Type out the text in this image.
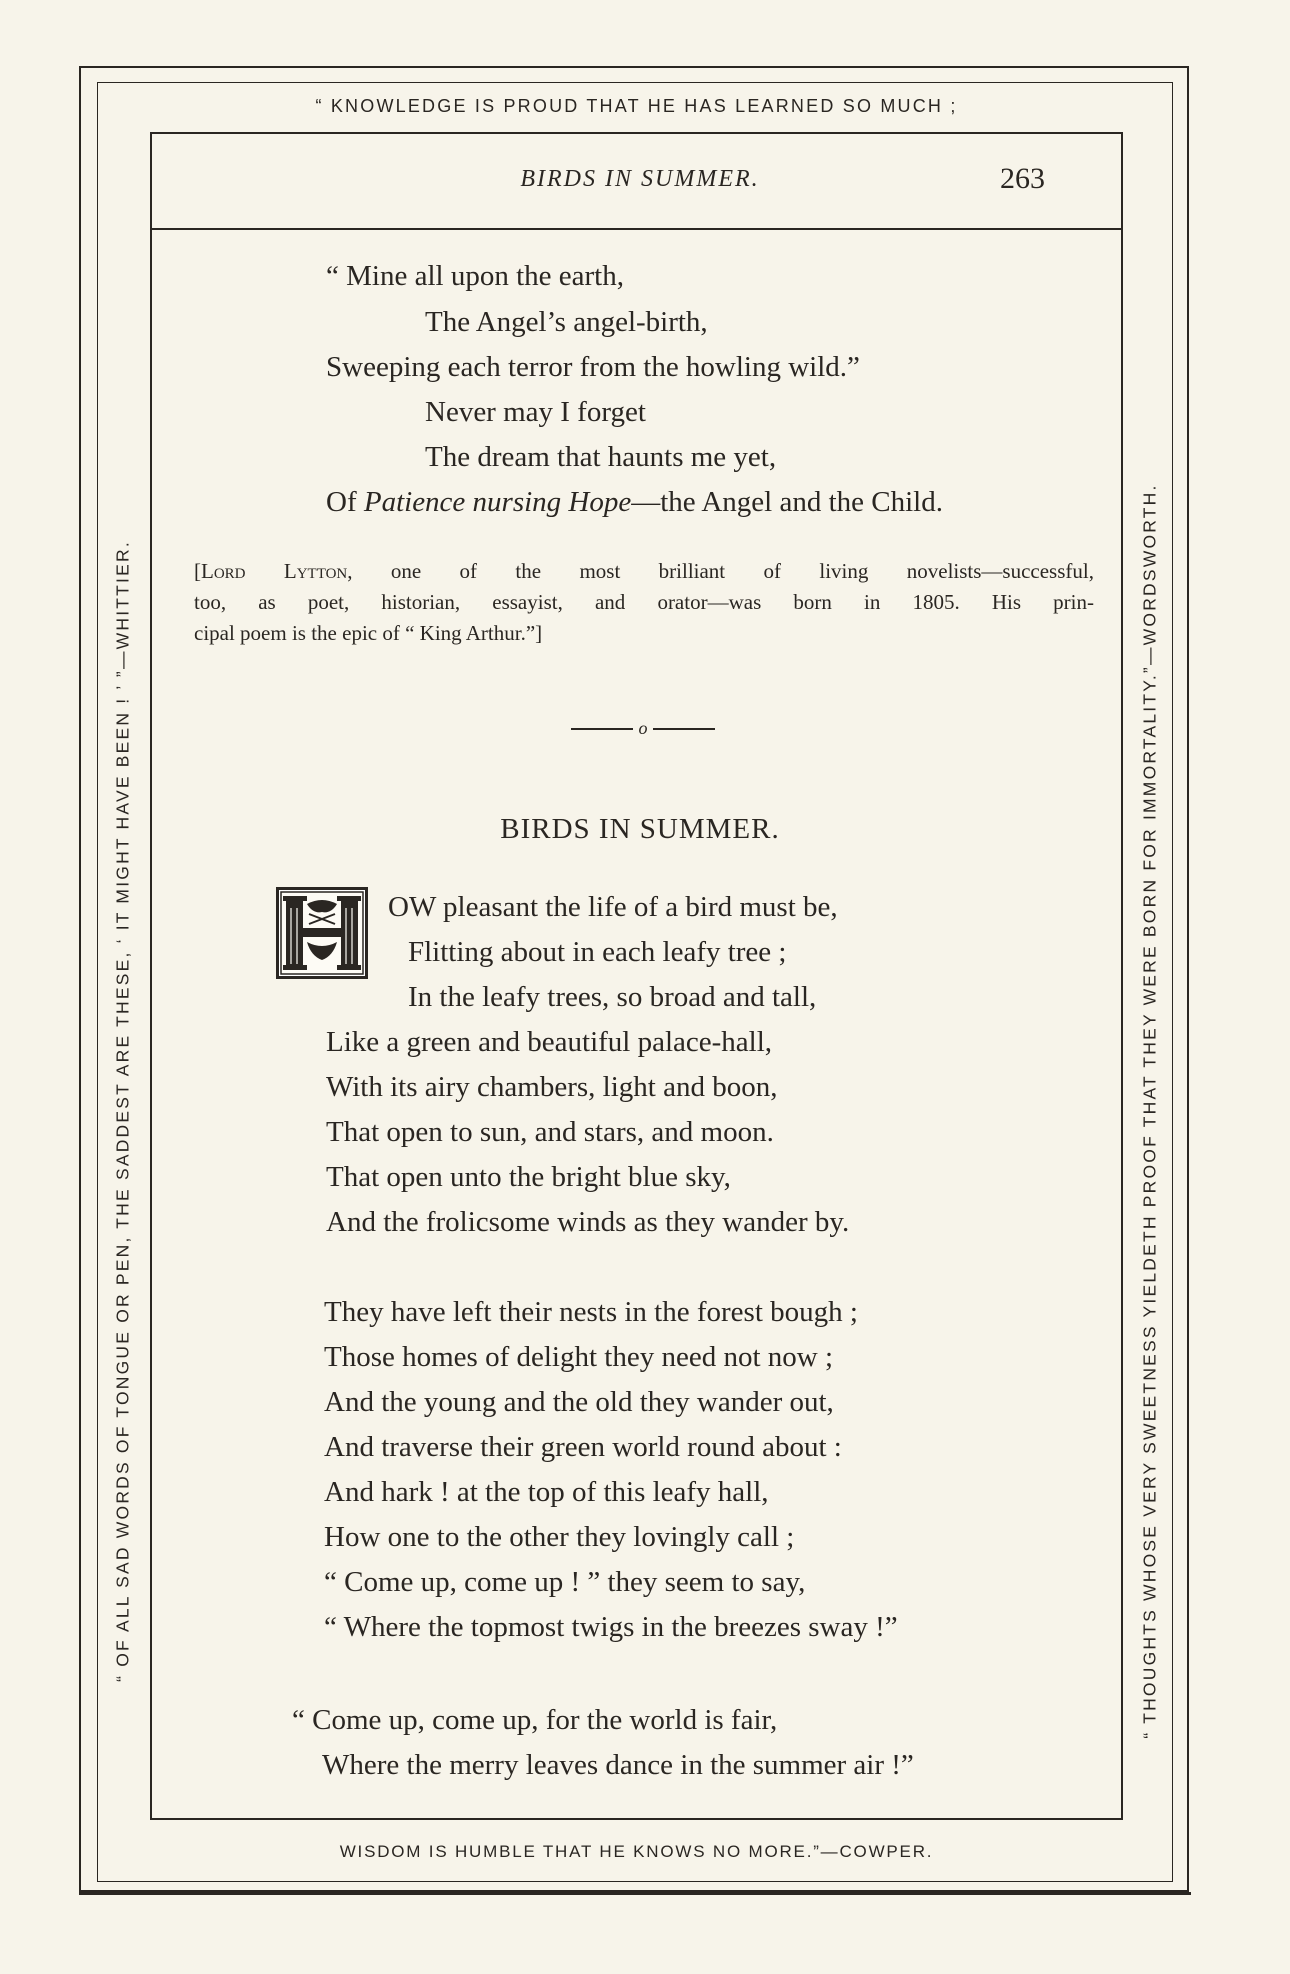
“ KNOWLEDGE IS PROUD THAT HE HAS LEARNED SO MUCH ;
WISDOM IS HUMBLE THAT HE KNOWS NO MORE.”—COWPER.
“ OF ALL SAD WORDS OF TONGUE OR PEN, THE SADDEST ARE THESE, ‘ IT MIGHT HAVE BEEN ! ’ ”—WHITTIER.	“ THOUGHTS WHOSE VERY SWEETNESS YIELDETH PROOF THAT THEY WERE BORN FOR IMMORTALITY.”—WORDSWORTH.
BIRDS IN SUMMER.	263
“ Mine all upon the earth,
The Angel’s angel-birth,
Sweeping each terror from the howling wild.”
Never may I forget
The dream that haunts me yet,
Of Patience nursing Hope—the Angel and the Child.
[Lord Lytton, one of the most brilliant of living novelists—successful,
too, as poet, historian, essayist, and orator—was born in 1805. His prin-
cipal poem is the epic of “ King Arthur.”]
o
BIRDS IN SUMMER.
OW pleasant the life of a bird must be,
Flitting about in each leafy tree ;
In the leafy trees, so broad and tall,
Like a green and beautiful palace-hall,
With its airy chambers, light and boon,
That open to sun, and stars, and moon.
That open unto the bright blue sky,
And the frolicsome winds as they wander by.
They have left their nests in the forest bough ;
Those homes of delight they need not now ;
And the young and the old they wander out,
And traverse their green world round about :
And hark ! at the top of this leafy hall,
How one to the other they lovingly call ;
“ Come up, come up ! ” they seem to say,
“ Where the topmost twigs in the breezes sway !”
“ Come up, come up, for the world is fair,
Where the merry leaves dance in the summer air !”
